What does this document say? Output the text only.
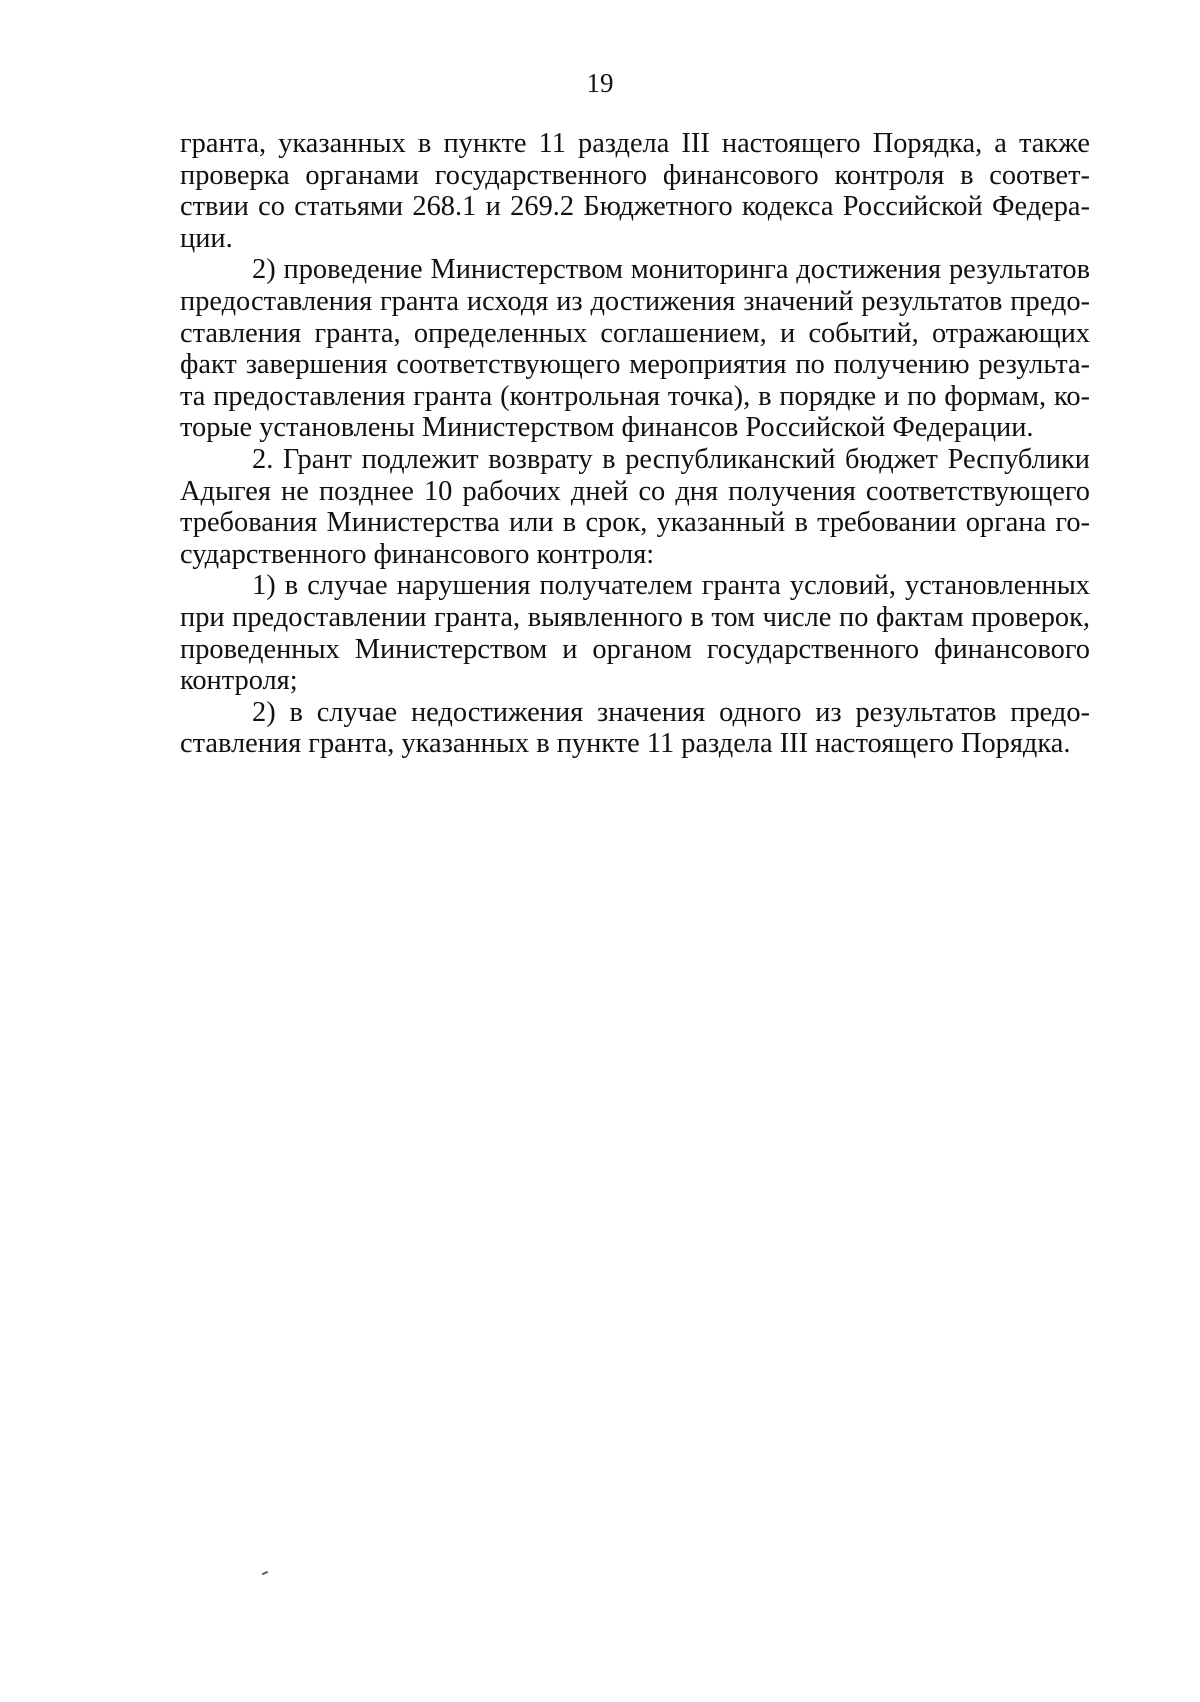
19

гранта, указанных в пункте 11 раздела III настоящего Порядка, а также
проверка органами государственного финансового контроля в соответ-
ствии со статьями 268.1 и 269.2 Бюджетного кодекса Российской Федера-
ции.

2) проведение Министерством мониторинга достижения результатов
предоставления гранта исходя из достижения значений результатов предо-
ставления гранта, определенных соглашением, и событий, отражающих
факт завершения соответствующего мероприятия по получению результа-
та предоставления гранта (контрольная точка), в порядке и по формам, ко-
торые установлены Министерством финансов Российской Федерации.

2. Грант подлежит возврату в республиканский бюджет Республики
Адыгея не позднее 10 рабочих дней со дня получения соответствующего
требования Министерства или в срок, указанный в требовании органа го-
сударственного финансового контроля:

1) в случае нарушения получателем гранта условий, установленных
при предоставлении гранта, выявленного в том числе по фактам проверок,
проведенных Министерством и органом государственного финансового
контроля;

2) в случае недостижения значения одного из результатов предо-
ставления гранта, указанных в пункте 11 раздела III настоящего Порядка.
